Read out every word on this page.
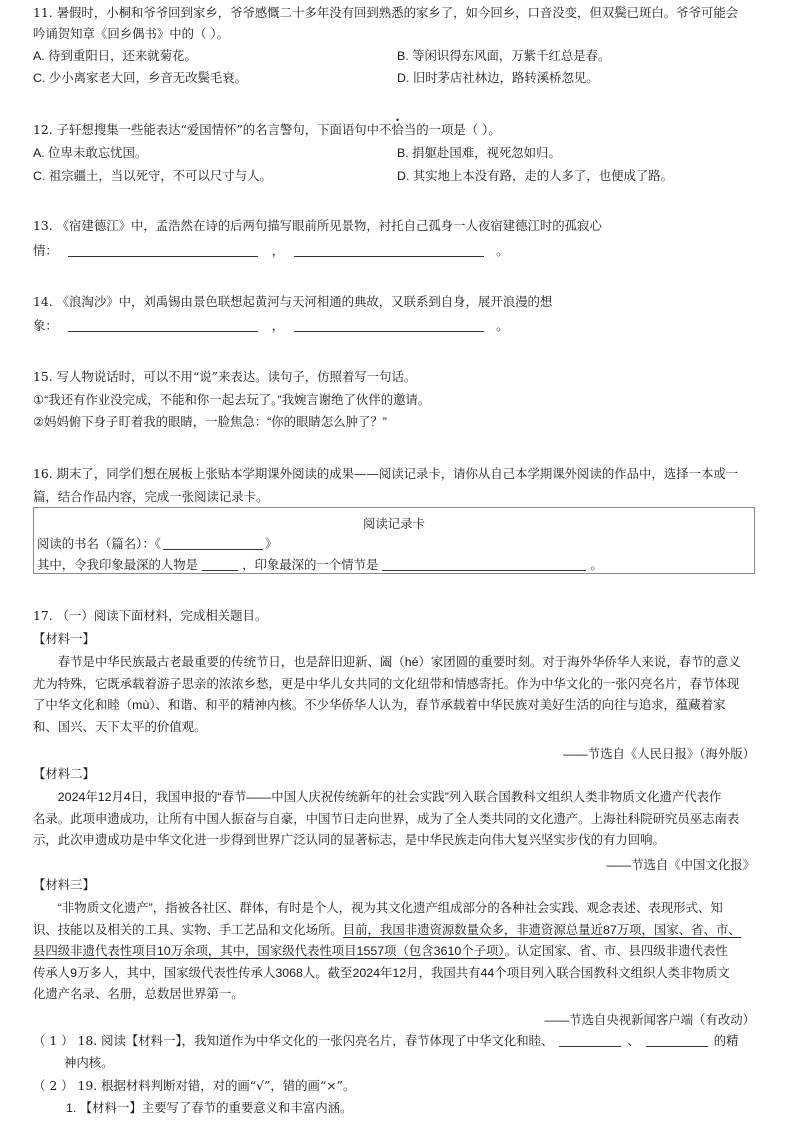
11. 暑假时，小桐和爷爷回到家乡，爷爷感慨二十多年没有回到熟悉的家乡了，如今回乡，口音没变，但双鬓已斑白。爷爷可能会
吟诵贺知章《回乡偶书》中的（ ）。
A. 待到重阳日，还来就菊花。	B. 等闲识得东风面，万紫千红总是春。
C. 少小离家老大回，乡音无改鬓毛衰。	D. 旧时茅店社林边，路转溪桥忽见。
12. 子轩想搜集一些能表达“爱国情怀”的名言警句，下面语句中不恰当的一项是（ ）。
A. 位卑未敢忘忧国。	B. 捐躯赴国难，视死忽如归。
C. 祖宗疆土，当以死守，不可以尺寸与人。	D. 其实地上本没有路，走的人多了，也便成了路。
13. 《宿建德江》中，孟浩然在诗的后两句描写眼前所见景物，衬托自己孤身一人夜宿建德江时的孤寂心
情：	，	。
14. 《浪淘沙》中，刘禹锡由景色联想起黄河与天河相通的典故，又联系到自身，展开浪漫的想
象：	，	。
15. 写人物说话时，可以不用“说”来表达。读句子，仿照着写一句话。
①“我还有作业没完成，不能和你一起去玩了。”我婉言谢绝了伙伴的邀请。
②妈妈俯下身子盯着我的眼睛，一脸焦急：“你的眼睛怎么肿了？”
16. 期末了，同学们想在展板上张贴本学期课外阅读的成果——阅读记录卡，请你从自己本学期课外阅读的作品中，选择一本或一
篇，结合作品内容，完成一张阅读记录卡。
阅读记录卡
阅读的书名（篇名）：《	》
其中，令我印象最深的人物是	，印象最深的一个情节是	。
17. （一）阅读下面材料，完成相关题目。
【材料一】
　　春节是中华民族最古老最重要的传统节日，也是辞旧迎新、阖（hé）家团圆的重要时刻。对于海外华侨华人来说，春节的意义
尤为特殊，它既承载着游子思亲的浓浓乡愁，更是中华儿女共同的文化纽带和情感寄托。作为中华文化的一张闪亮名片，春节体现
了中华文化和睦（mù）、和谐、和平的精神内核。不少华侨华人认为，春节承载着中华民族对美好生活的向往与追求，蕴藏着家
和、国兴、天下太平的价值观。
——节选自《人民日报》（海外版）
【材料二】
　　2024年12月4日，我国申报的“春节——中国人庆祝传统新年的社会实践”列入联合国教科文组织人类非物质文化遗产代表作
名录。此项申遗成功，让所有中国人振奋与自豪，中国节日走向世界，成为了全人类共同的文化遗产。上海社科院研究员巫志南表
示，此次申遗成功是中华文化进一步得到世界广泛认同的显著标志，是中华民族走向伟大复兴坚实步伐的有力回响。
——节选自《中国文化报》
【材料三】
　　“非物质文化遗产”，指被各社区、群体，有时是个人，视为其文化遗产组成部分的各种社会实践、观念表述、表现形式、知
识、技能以及相关的工具、实物、手工艺品和文化场所。目前，我国非遗资源数量众多，非遗资源总量近87万项，国家、省、市、
县四级非遗代表性项目10万余项，其中，国家级代表性项目1557项（包含3610个子项）。认定国家、省、市、县四级非遗代表性
传承人9万多人，其中，国家级代表性传承人3068人。截至2024年12月，我国共有44个项目列入联合国教科文组织人类非物质文
化遗产名录、名册，总数居世界第一。
——节选自央视新闻客户端（有改动）
（ 1 ） 18. 阅读【材料一】，我知道作为中华文化的一张闪亮名片，春节体现了中华文化和睦、	、	的精
神内核。
（ 2 ） 19. 根据材料判断对错，对的画“√”，错的画“×”。
1. 【材料一】主要写了春节的重要意义和丰富内涵。
